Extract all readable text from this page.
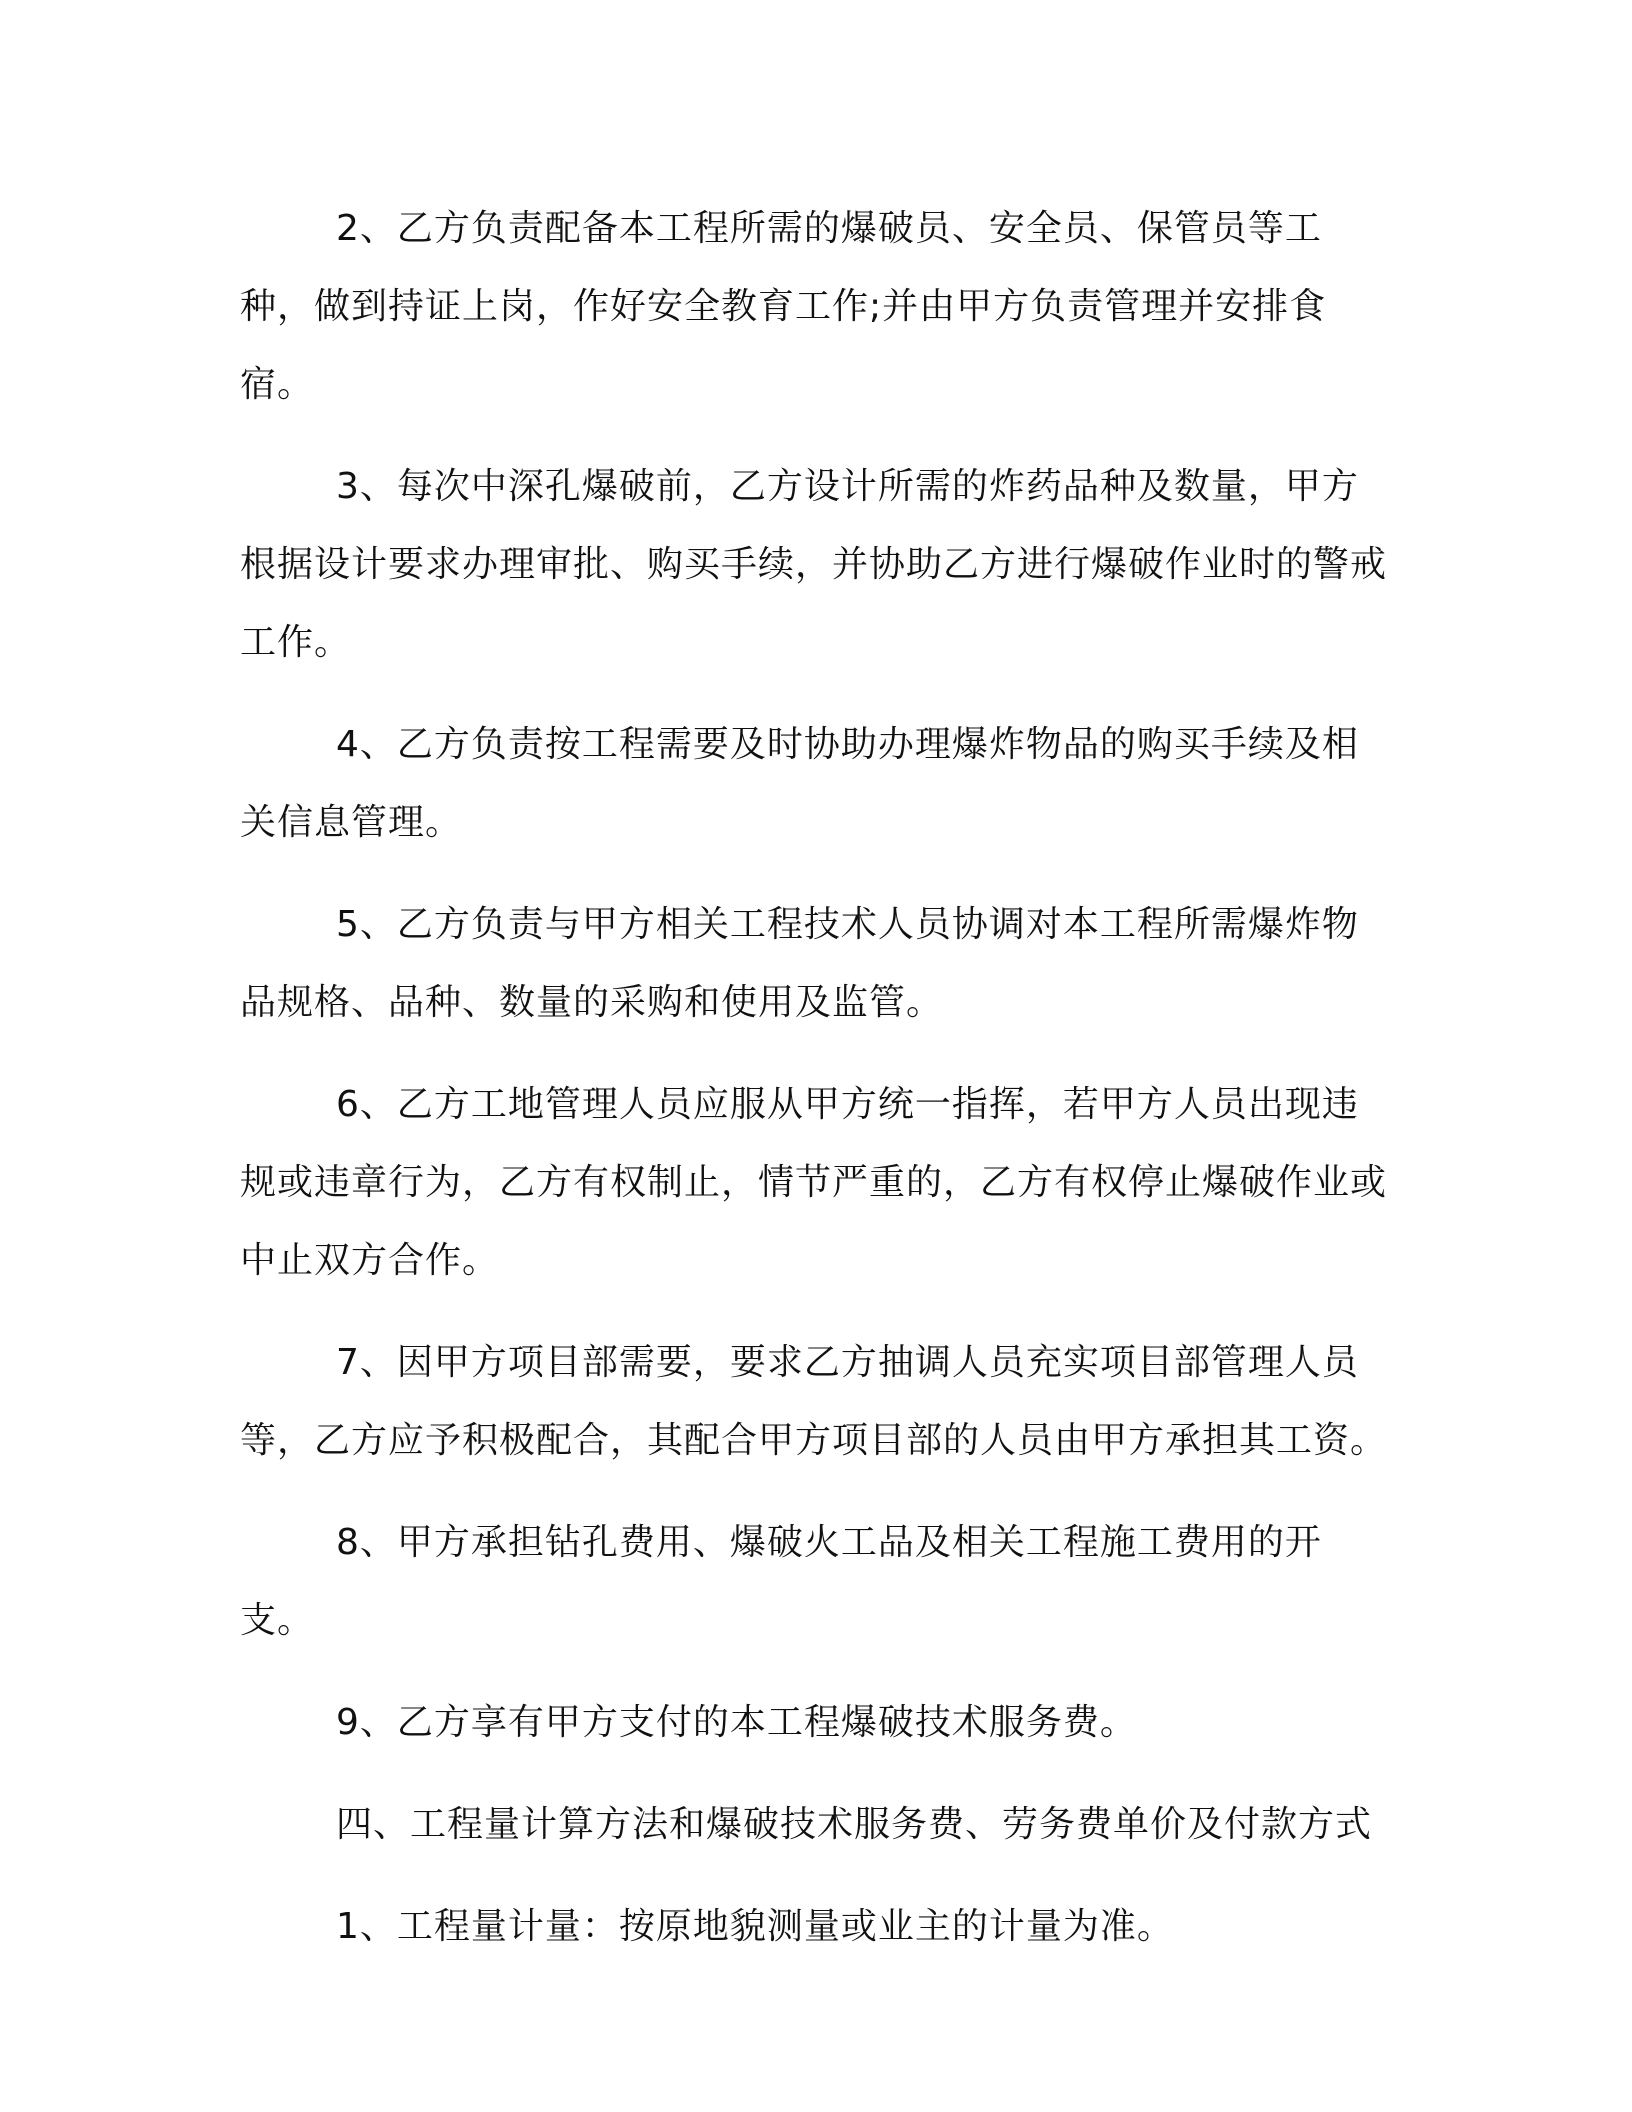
2、乙方负责配备本工程所需的爆破员、安全员、保管员等工种，做到持证上岗，作好安全教育工作;并由甲方负责管理并安排食宿。

3、每次中深孔爆破前，乙方设计所需的炸药品种及数量，甲方根据设计要求办理审批、购买手续，并协助乙方进行爆破作业时的警戒工作。

4、乙方负责按工程需要及时协助办理爆炸物品的购买手续及相关信息管理。

5、乙方负责与甲方相关工程技术人员协调对本工程所需爆炸物品规格、品种、数量的采购和使用及监管。

6、乙方工地管理人员应服从甲方统一指挥，若甲方人员出现违规或违章行为，乙方有权制止，情节严重的，乙方有权停止爆破作业或中止双方合作。

7、因甲方项目部需要，要求乙方抽调人员充实项目部管理人员等，乙方应予积极配合，其配合甲方项目部的人员由甲方承担其工资。

8、甲方承担钻孔费用、爆破火工品及相关工程施工费用的开支。

9、乙方享有甲方支付的本工程爆破技术服务费。

四、工程量计算方法和爆破技术服务费、劳务费单价及付款方式

1、工程量计量：按原地貌测量或业主的计量为准。
